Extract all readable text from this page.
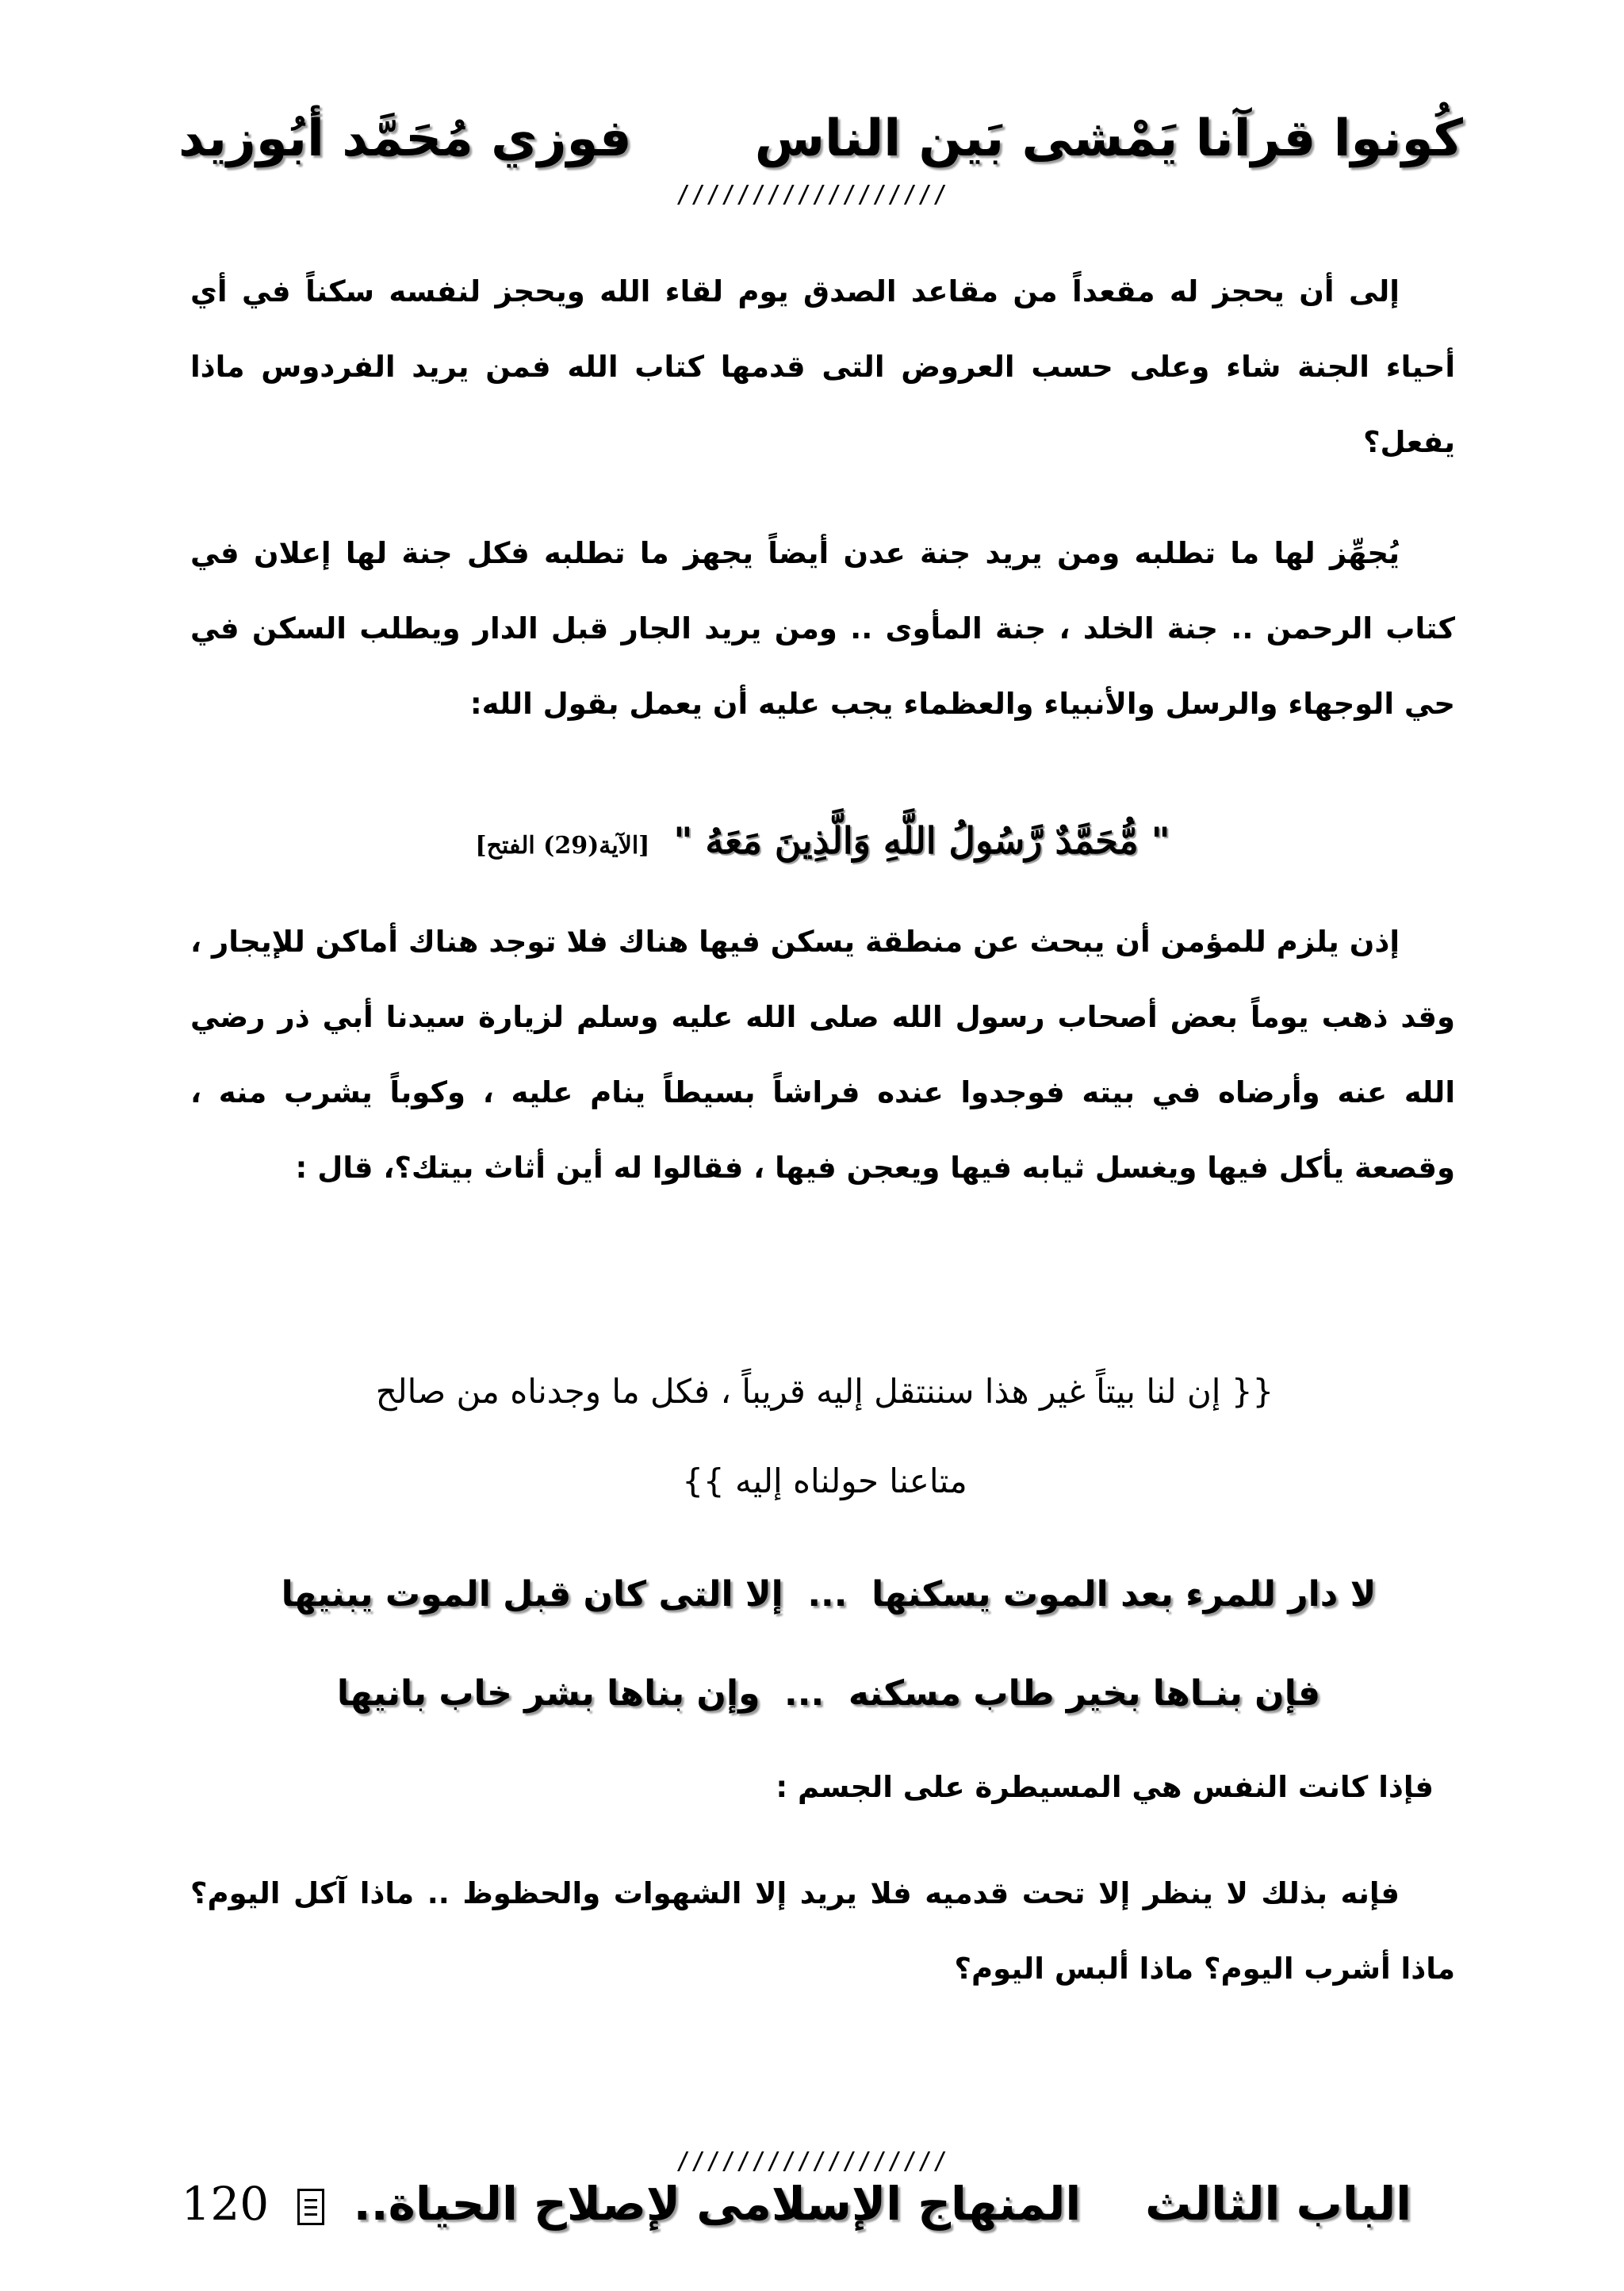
كُونوا قرآنا يَمْشى بَين الناس
فوزي مُحَمَّد أبُوزيد
//////////////////

إلى أن يحجز له مقعداً من مقاعد الصدق يوم لقاء الله ويحجز لنفسه سكناً في أي أحياء الجنة شاء وعلى حسب العروض التى قدمها كتاب الله فمن يريد الفردوس ماذا يفعل؟

يُجهِّز لها ما تطلبه ومن يريد جنة عدن أيضاً يجهز ما تطلبه فكل جنة لها إعلان في كتاب الرحمن .. جنة الخلد ، جنة المأوى .. ومن يريد الجار قبل الدار ويطلب السكن في حي الوجهاء والرسل والأنبياء والعظماء يجب عليه أن يعمل بقول الله:

" مُّحَمَّدٌ رَّسُولُ اللَّهِ وَالَّذِينَ مَعَهُ " [الآية(29) الفتح]

إذن يلزم للمؤمن أن يبحث عن منطقة يسكن فيها هناك فلا توجد هناك أماكن للإيجار ، وقد ذهب يوماً بعض أصحاب رسول الله صلى الله عليه وسلم لزيارة سيدنا أبي ذر رضي الله عنه وأرضاه في بيته فوجدوا عنده فراشاً بسيطاً ينام عليه ، وكوباً يشرب منه ، وقصعة يأكل فيها ويغسل ثيابه فيها ويعجن فيها ، فقالوا له أين أثاث بيتك؟، قال :

{{ إن لنا بيتاً غير هذا سننتقل إليه قريباً ، فكل ما وجدناه من صالح
متاعنا حولناه إليه }}
لا دار للمرء بعد الموت يسكنها  ...  إلا التى كان قبل الموت يبنيها
فإن بنـاها بخير طاب مسكنه  ...  وإن بناها بشر خاب بانيها
فإذا كانت النفس هي المسيطرة على الجسم :

فإنه بذلك لا ينظر إلا تحت قدميه فلا يريد إلا الشهوات والحظوظ .. ماذا آكل اليوم؟ ماذا أشرب اليوم؟ ماذا ألبس اليوم؟

//////////////////
الباب الثالث    المنهاج الإسلامى لإصلاح الحياة..  120
